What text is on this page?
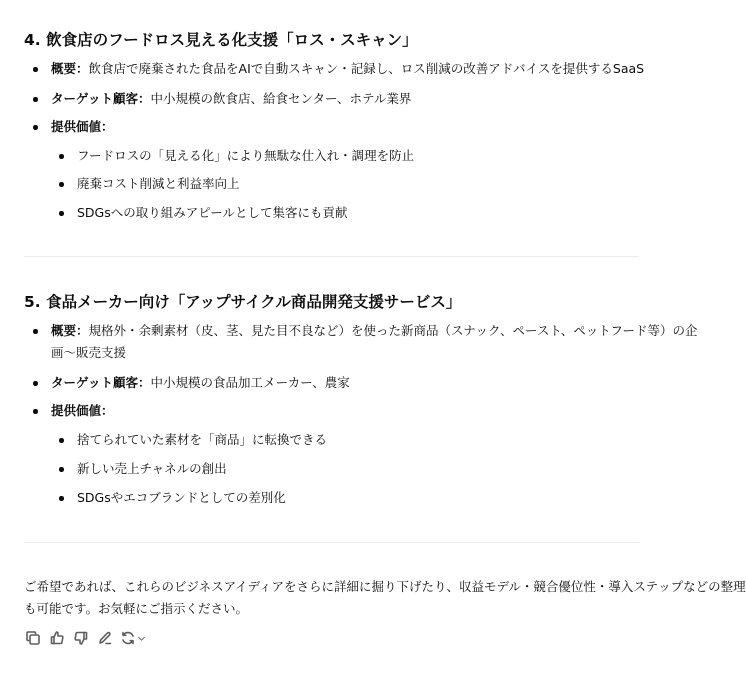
4. 飲食店のフードロス見える化支援「ロス・スキャン」
概要：飲食店で廃棄された食品をAIで自動スキャン・記録し、ロス削減の改善アドバイスを提供するSaaS
ターゲット顧客：中小規模の飲食店、給食センター、ホテル業界
提供価値：
フードロスの「見える化」により無駄な仕入れ・調理を防止
廃棄コスト削減と利益率向上
SDGsへの取り組みアピールとして集客にも貢献
5. 食品メーカー向け「アップサイクル商品開発支援サービス」
概要：規格外・余剰素材（皮、茎、見た目不良など）を使った新商品（スナック、ペースト、ペットフード等）の企
画〜販売支援
ターゲット顧客：中小規模の食品加工メーカー、農家
提供価値：
捨てられていた素材を「商品」に転換できる
新しい売上チャネルの創出
SDGsやエコブランドとしての差別化
ご希望であれば、これらのビジネスアイディアをさらに詳細に掘り下げたり、収益モデル・競合優位性・導入ステップなどの整理
も可能です。お気軽にご指示ください。
